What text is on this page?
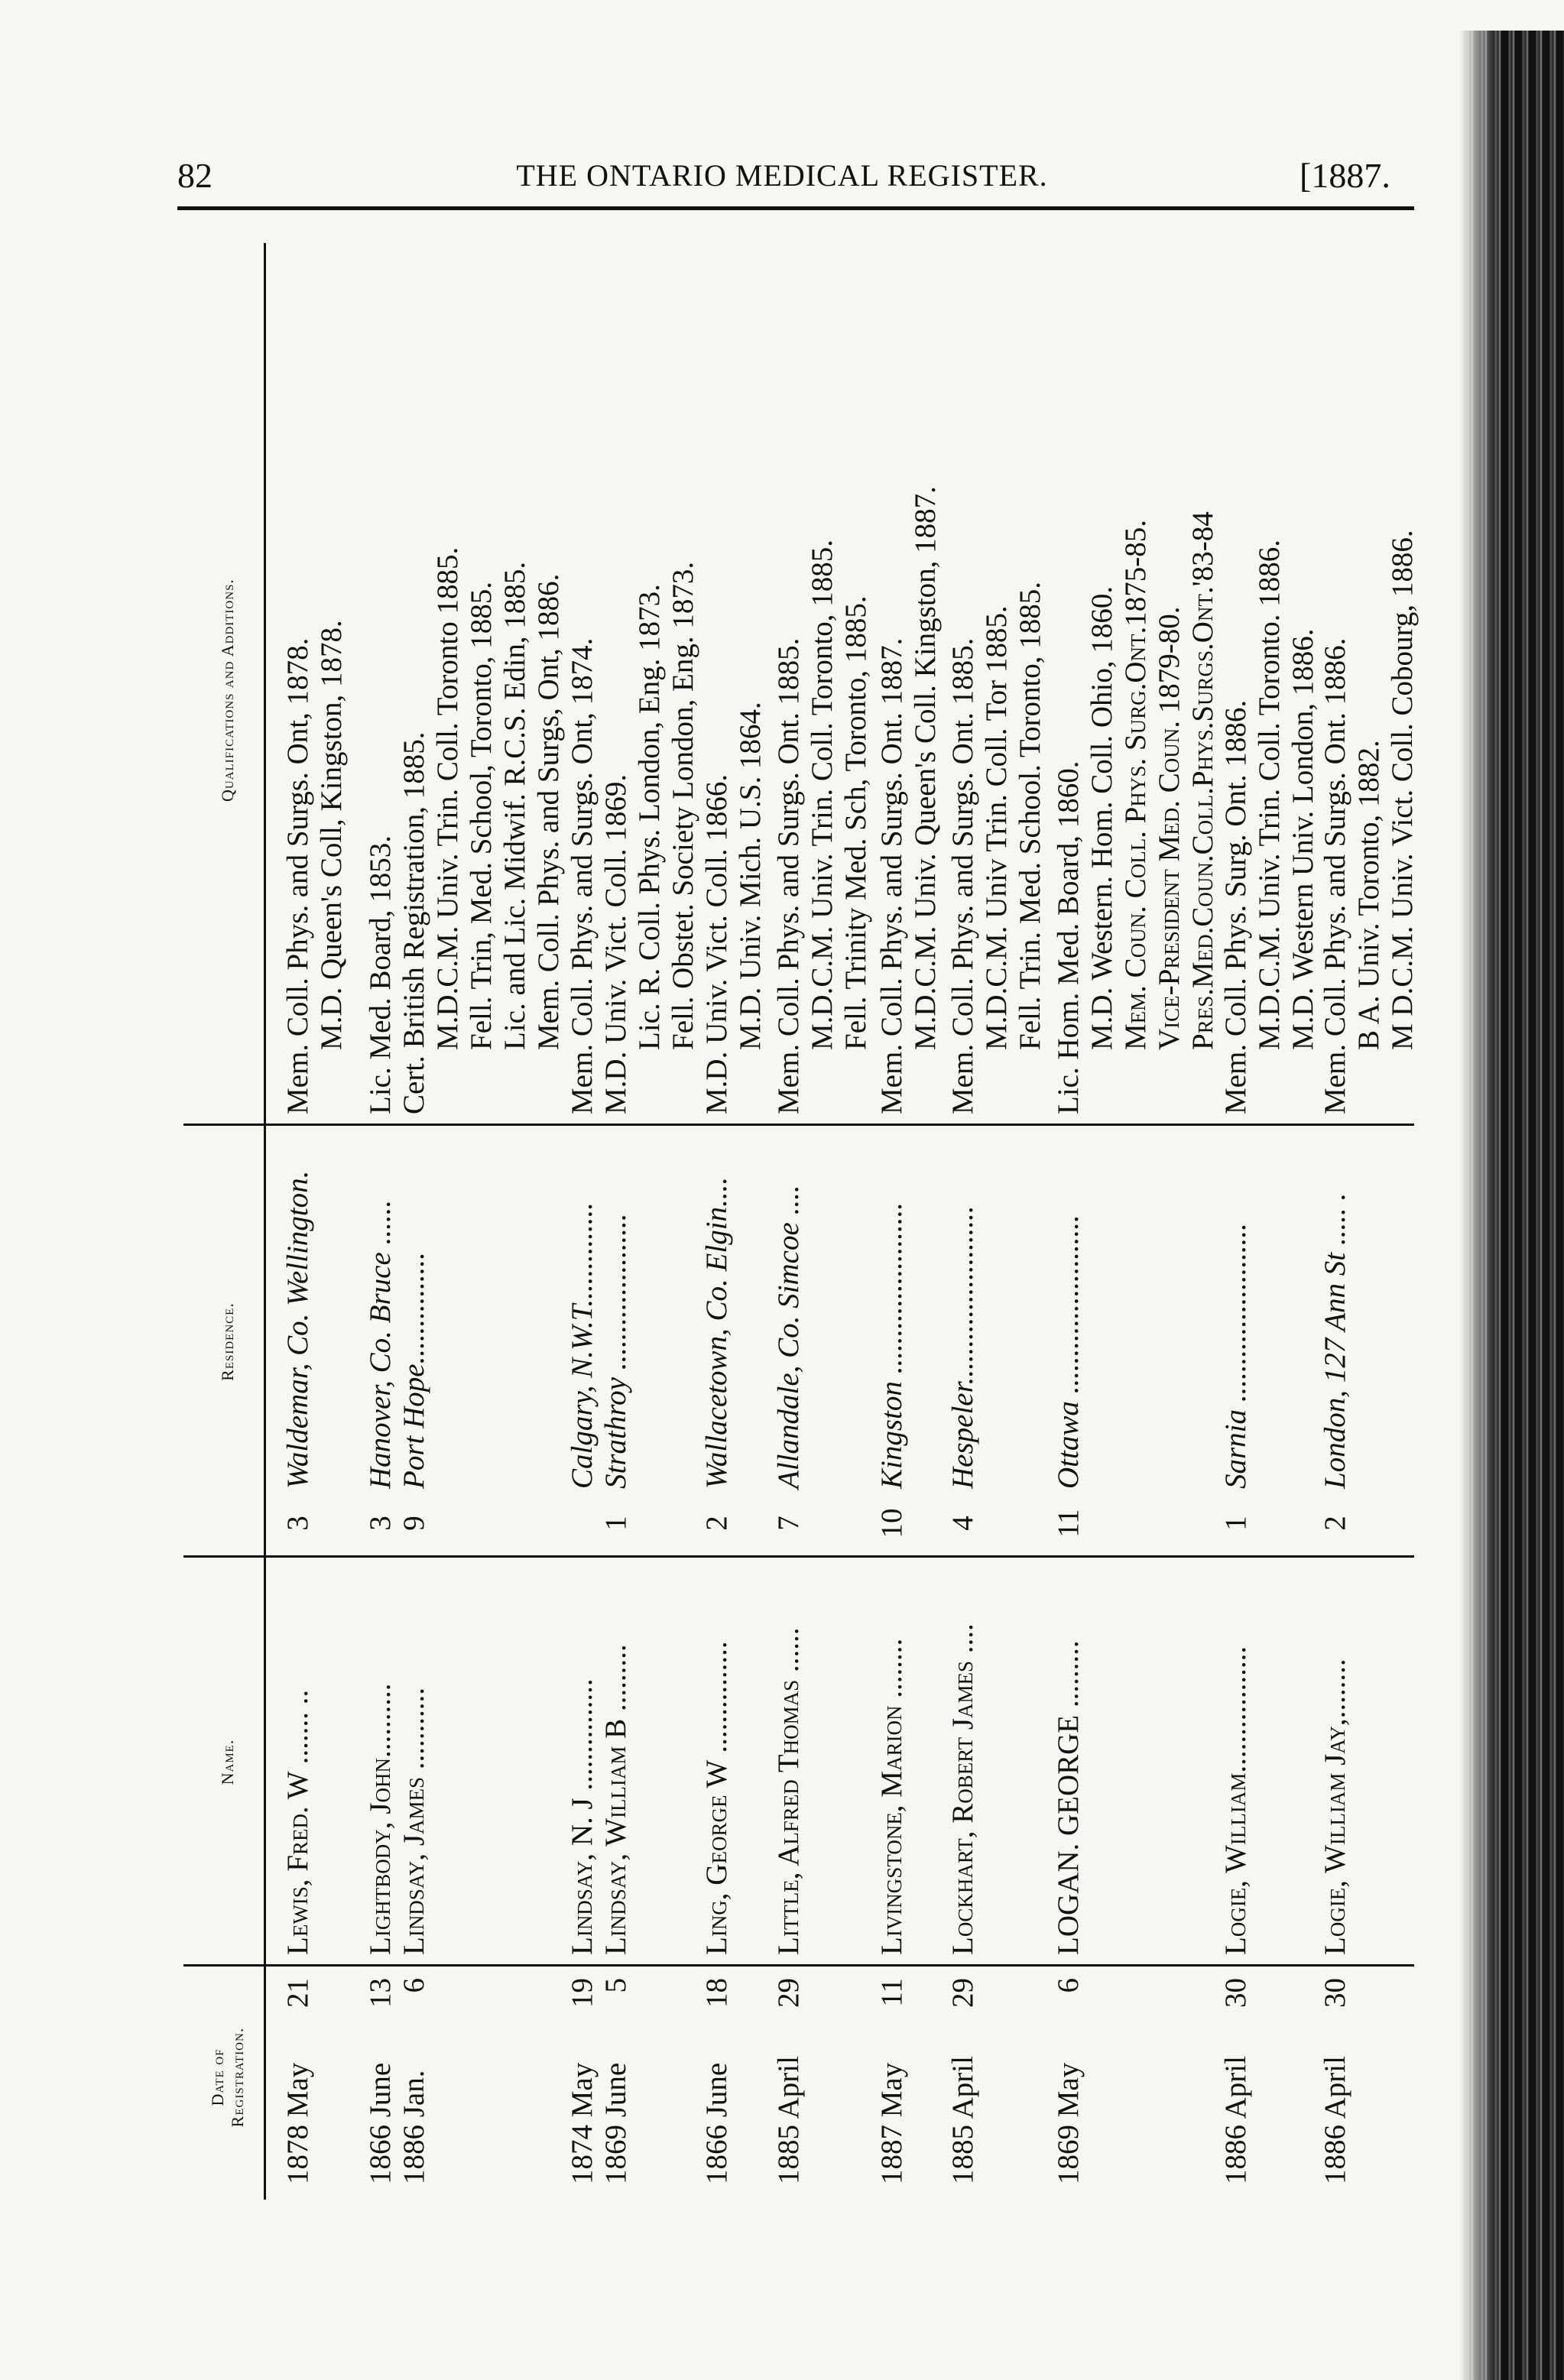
82	THE ONTARIO MEDICAL REGISTER.	[1887.
Date of
Registration.
Name.
Residence.
Qualifications and Additions.
1878 May
21
Lewis, Fred. W ....... ..
3
Waldemar, Co. Wellington.
Mem. Coll. Phys. and Surgs. Ont, 1878. M.D. Queen's Coll, Kingston, 1878.
1866 June
1886 Jan.
13
6
Lightbody, John.......... Lindsay, James ...........
3
9
Hanover, Co. Bruce ...... Port Hope...............
Lic. Med. Board, 1853. Cert. British Registration, 1885. M.D.C.M. Univ. Trin. Coll. Toronto 1885. Fell. Trin, Med. School, Toronto, 1885. Lic. and Lic. Midwif. R.C.S. Edin, 1885. Mem. Coll. Phys. and Surgs, Ont, 1886.
1874 May
1869 June
19
5
Lindsay, N. J ............... Lindsay, William B .........

1
Calgary, N.W.T.............. Strathroy .....................
Mem. Coll. Phys. and Surgs. Ont, 1874. M.D. Univ. Vict. Coll. 1869. Lic. R. Coll. Phys. London, Eng. 1873. Fell. Obstet. Society London, Eng. 1873.
1866 June
18
Ling, George W ...............
2
Wallacetown, Co. Elgin....
M.D. Univ. Vict. Coll. 1866. M.D. Univ. Mich. U.S. 1864.
1885 April
29
Little, Alfred Thomas ......
7
Allandale, Co. Simcoe ....
Mem. Coll. Phys. and Surgs. Ont. 1885. M.D.C.M. Univ. Trin. Coll. Toronto, 1885. Fell. Trinity Med. Sch, Toronto, 1885.
1887 May
11
Livingstone, Marion ........
10
Kingston .......................
Mem. Coll. Phys. and Surgs. Ont. 1887. M.D.C.M. Univ. Queen's Coll. Kingston, 1887.
1885 April
29
Lockhart, Robert James ....
4
Hespeler........................
Mem. Coll. Phys. and Surgs. Ont. 1885. M.D.C.M. Univ Trin. Coll. Tor 1885. Fell. Trin. Med. School. Toronto, 1885.
1869 May
6
LOGAN. GEORGE .........
11
Ottawa ........................
Lic. Hom. Med. Board, 1860. M.D. Western. Hom. Coll. Ohio, 1860. Mem. Coun. Coll. Phys. Surg.Ont.1875-85. Vice-President Med. Coun. 1879-80. Pres.Med.Coun.Coll.Phys.Surgs.Ont.'83-84
1886 April
30
Logie, William.................
1
Sarnia ........................
Mem. Coll. Phys. Surg. Ont. 1886. M.D.C.M. Univ. Trin. Coll. Toronto. 1886. M.D. Western Univ. London, 1886.
1886 April
30
Logie, William Jay,........
2
London, 127 Ann St ..... .
Mem. Coll. Phys. and Surgs. Ont. 1886. B A. Univ. Toronto, 1882. M D.C.M. Univ. Vict. Coll. Cobourg, 1886.
